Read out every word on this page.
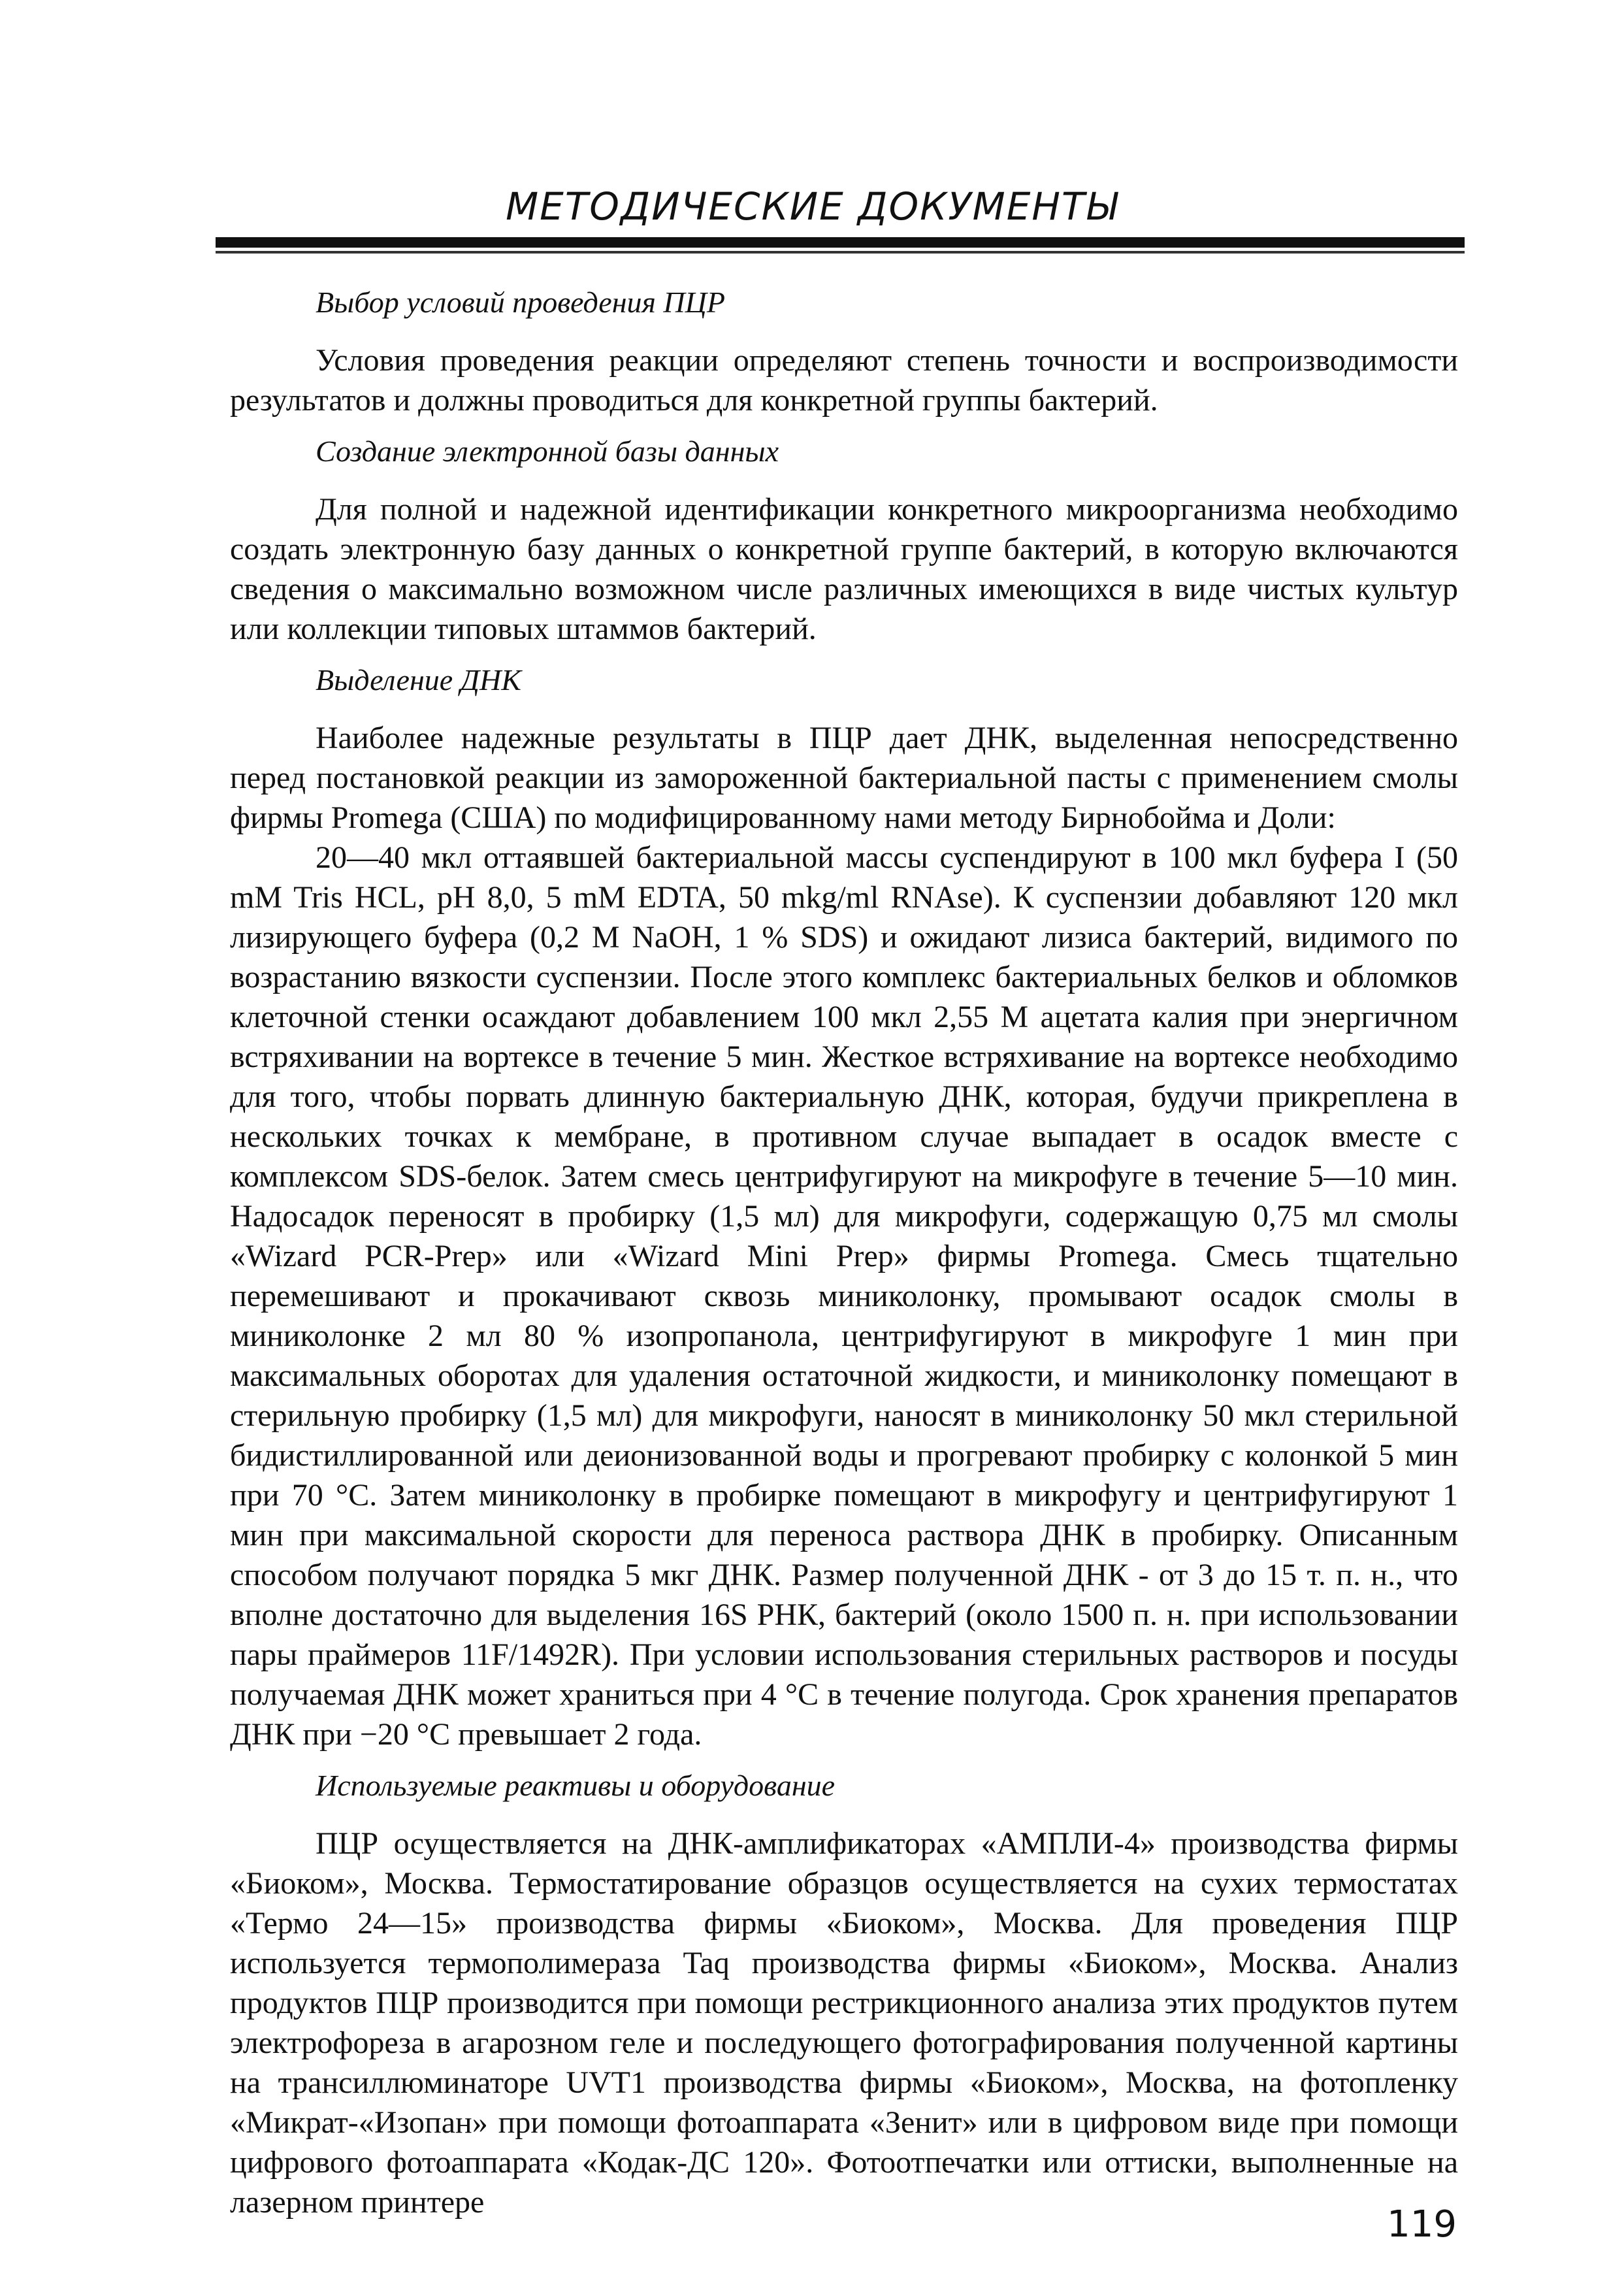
МЕТОДИЧЕСКИЕ ДОКУМЕНТЫ
Выбор условий проведения ПЦР

Условия проведения реакции определяют степень точности и воспроизводимости результатов и должны проводиться для конкретной группы бактерий.

Создание электронной базы данных

Для полной и надежной идентификации конкретного микроорганизма необходимо создать электронную базу данных о конкретной группе бактерий, в которую включаются сведения о максимально возможном числе различных имеющихся в виде чистых культур или коллекции типовых штаммов бактерий.

Выделение ДНК

Наиболее надежные результаты в ПЦР дает ДНК, выделенная непосредственно перед постановкой реакции из замороженной бактериальной пасты с применением смолы фирмы Promega (США) по модифицированному нами методу Бирнобойма и Доли:

20—40 мкл оттаявшей бактериальной массы суспендируют в 100 мкл буфера I (50 mM Tris HCL, pH 8,0, 5 mM EDTA, 50 mkg/ml RNAse). К суспензии добавляют 120 мкл лизирующего буфера (0,2 M NaOH, 1 % SDS) и ожидают лизиса бактерий, видимого по возрастанию вязкости суспензии. После этого комплекс бактериальных белков и обломков клеточной стенки осаждают добавлением 100 мкл 2,55 M ацетата калия при энергичном встряхивании на вортексе в течение 5 мин. Жесткое встряхивание на вортексе необходимо для того, чтобы порвать длинную бактериальную ДНК, которая, будучи прикреплена в нескольких точках к мембране, в противном случае выпадает в осадок вместе с комплексом SDS-белок. Затем смесь центрифугируют на микрофуге в течение 5—10 мин. Надосадок переносят в пробирку (1,5 мл) для микрофуги, содержащую 0,75 мл смолы «Wizard PCR-Prep» или «Wizard Mini Prep» фирмы Promega. Смесь тщательно перемешивают и прокачивают сквозь миниколонку, промывают осадок смолы в миниколонке 2 мл 80 % изопропанола, центрифугируют в микрофуге 1 мин при максимальных оборотах для удаления остаточной жидкости, и миниколонку помещают в стерильную пробирку (1,5 мл) для микрофуги, наносят в миниколонку 50 мкл стерильной бидистиллированной или деионизованной воды и прогревают пробирку с колонкой 5 мин при 70 °С. Затем миниколонку в пробирке помещают в микрофугу и центрифугируют 1 мин при максимальной скорости для переноса раствора ДНК в пробирку. Описанным способом получают порядка 5 мкг ДНК. Размер полученной ДНК - от 3 до 15 т. п. н., что вполне достаточно для выделения 16S РНК, бактерий (около 1500 п. н. при использовании пары праймеров 11F/1492R). При условии использования стерильных растворов и посуды получаемая ДНК может храниться при 4 °С в течение полугода. Срок хранения препаратов ДНК при −20 °С превышает 2 года.

Используемые реактивы и оборудование

ПЦР осуществляется на ДНК-амплификаторах «АМПЛИ-4» производства фирмы «Биоком», Москва. Термостатирование образцов осуществляется на сухих термостатах «Термо 24—15» производства фирмы «Биоком», Москва. Для проведения ПЦР используется термополимераза Taq производства фирмы «Биоком», Москва. Анализ продуктов ПЦР производится при помощи рестрикционного анализа этих продуктов путем электрофореза в агарозном геле и последующего фотографирования полученной картины на трансиллюминаторе UVT1 производства фирмы «Биоком», Москва, на фотопленку «Микрат-«Изопан» при помощи фотоаппарата «Зенит» или в цифровом виде при помощи цифрового фотоаппарата «Кодак-ДС 120». Фотоотпечатки или оттиски, выполненные на лазерном принтере

119
